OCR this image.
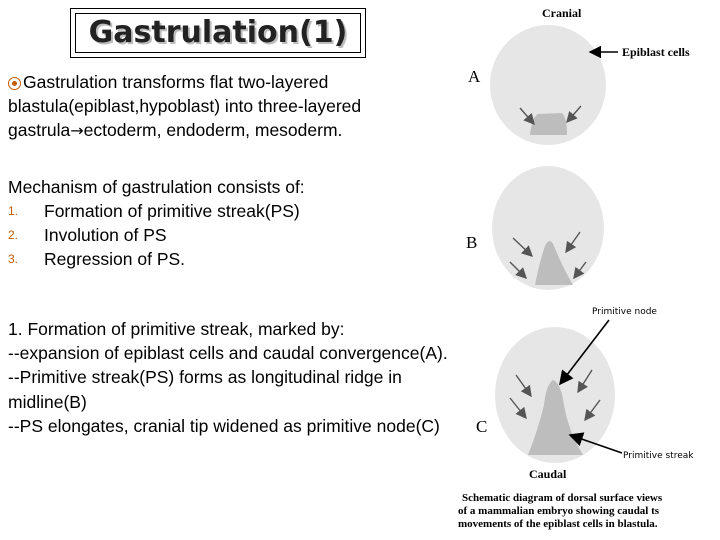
Gastrulation(1)
Gastrulation transforms flat two-layered blastula(epiblast,hypoblast) into three-layered gastrula→ectoderm, endoderm, mesoderm.
Mechanism of gastrulation consists of:
1. Formation of primitive streak(PS)
2. Involution of PS
3. Regression of PS.
1. Formation of primitive streak, marked by:
--expansion of epiblast cells and caudal convergence(A).
--Primitive streak(PS) forms as longitudinal ridge in midline(B)
--PS elongates, cranial tip widened as primitive node(C)
Cranial
Epiblast cells
A
B
Primitive node
Primitive streak
C
Caudal
Schematic diagram of dorsal surface views
of a mammalian embryo showing caudal ts
movements of the epiblast cells in blastula.
